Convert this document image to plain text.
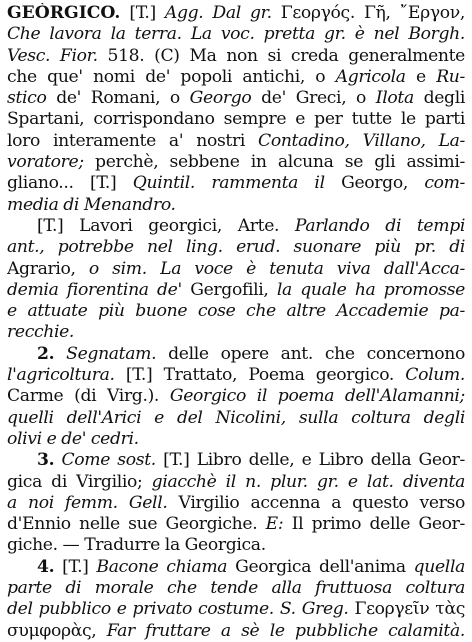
GEÒRGICO. [T.] Agg. Dal gr. Γεοργός. Γῆ, ῎Εργον,
Che lavora la terra. La voc. pretta gr. è nel Borgh.
Vesc. Fior. 518. (C) Ma non si creda generalmente
che que' nomi de' popoli antichi, o Agricola e Ru-
stico de' Romani, o Georgo de' Greci, o Ilota degli
Spartani, corrispondano sempre e per tutte le parti
loro interamente a' nostri Contadino, Villano, La-
voratore; perchè, sebbene in alcuna se gli assimi-
gliano... [T.] Quintil. rammenta il Georgo, com-
media di Menandro.
[T.] Lavori georgici, Arte. Parlando di tempi
ant., potrebbe nel ling. erud. suonare più pr. di
Agrario, o sim. La voce è tenuta viva dall'Acca-
demia fiorentina de' Gergofili, la quale ha promosse
e attuate più buone cose che altre Accademie pa-
recchie.
2. Segnatam. delle opere ant. che concernono
l'agricoltura. [T.] Trattato, Poema georgico. Colum.
Carme (di Virg.). Georgico il poema dell'Alamanni;
quelli dell'Arici e del Nicolini, sulla coltura degli
olivi e de' cedri.
3. Come sost. [T.] Libro delle, e Libro della Geor-
gica di Virgilio; giacchè il n. plur. gr. e lat. diventa
a noi femm. Gell. Virgilio accenna a questo verso
d'Ennio nelle sue Georgiche. E: Il primo delle Geor-
giche. — Tradurre la Georgica.
4. [T.] Bacone chiama Georgica dell'anima quella
parte di morale che tende alla fruttuosa coltura
del pubblico e privato costume. S. Greg. Γεοργεῖν τὰς
συμφορὰς, Far fruttare a sè le pubbliche calamità.
